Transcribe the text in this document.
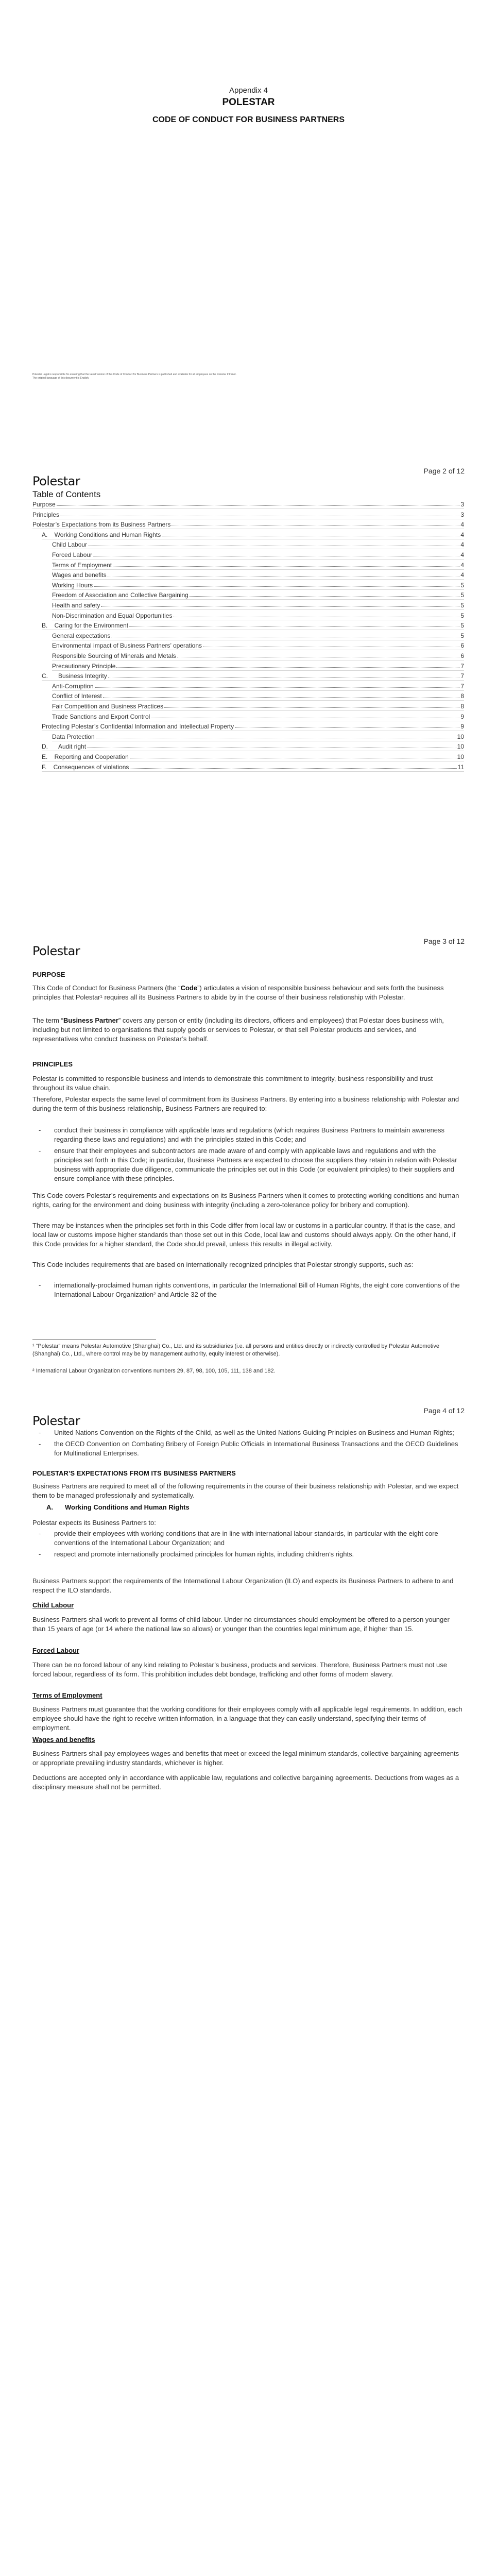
Appendix 4
POLESTAR
CODE OF CONDUCT FOR BUSINESS PARTNERS
Polestar Legal is responsible for ensuring that the latest version of this Code of Conduct for Business Partners is published and available for all employees on the Polestar Intranet.
The original language of this document is English.
Page 2 of 12
Polestar
Table of Contents
Purpose	3
Principles	3
Polestar’s Expectations from its Business Partners	4
A.    Working Conditions and Human Rights	4
Child Labour	4
Forced Labour	4
Terms of Employment	4
Wages and benefits	4
Working Hours	5
Freedom of Association and Collective Bargaining	5
Health and safety	5
Non-Discrimination and Equal Opportunities	5
B.    Caring for the Environment	5
General expectations	5
Environmental impact of Business Partners’ operations	6
Responsible Sourcing of Minerals and Metals	6
Precautionary Principle	7
C.      Business Integrity	7
Anti-Corruption	7
Conflict of Interest	8
Fair Competition and Business Practices	8
Trade Sanctions and Export Control	9
Protecting Polestar’s Confidential Information and Intellectual Property	9
Data Protection	10
D.      Audit right	10
E.    Reporting and Cooperation	10
F.    Consequences of violations	11
Page 3 of 12
Polestar
PURPOSE

This Code of Conduct for Business Partners (the “Code”) articulates a vision of responsible business behaviour and sets forth the business principles that Polestar¹ requires all its Business Partners to abide by in the course of their business relationship with Polestar.

The term “Business Partner” covers any person or entity (including its directors, officers and employees) that Polestar does business with, including but not limited to organisations that supply goods or services to Polestar, or that sell Polestar products and services, and representatives who conduct business on Polestar’s behalf.

PRINCIPLES

Polestar is committed to responsible business and intends to demonstrate this commitment to integrity, business responsibility and trust throughout its value chain.

Therefore, Polestar expects the same level of commitment from its Business Partners. By entering into a business relationship with Polestar and during the term of this business relationship, Business Partners are required to:

- conduct their business in compliance with applicable laws and regulations (which requires Business Partners to maintain awareness regarding these laws and regulations) and with the principles stated in this Code; and
- ensure that their employees and subcontractors are made aware of and comply with applicable laws and regulations and with the principles set forth in this Code; in particular, Business Partners are expected to choose the suppliers they retain in relation with Polestar business with appropriate due diligence, communicate the principles set out in this Code (or equivalent principles) to their suppliers and ensure compliance with these principles.

This Code covers Polestar’s requirements and expectations on its Business Partners when it comes to protecting working conditions and human rights, caring for the environment and doing business with integrity (including a zero-tolerance policy for bribery and corruption).

There may be instances when the principles set forth in this Code differ from local law or customs in a particular country. If that is the case, and local law or customs impose higher standards than those set out in this Code, local law and customs should always apply. On the other hand, if this Code provides for a higher standard, the Code should prevail, unless this results in illegal activity.

This Code includes requirements that are based on internationally recognized principles that Polestar strongly supports, such as:

- internationally-proclaimed human rights conventions, in particular the International Bill of Human Rights, the eight core conventions of the International Labour Organization² and Article 32 of the

¹ “Polestar” means Polestar Automotive (Shanghai) Co., Ltd. and its subsidiaries (i.e. all persons and entities directly or indirectly controlled by Polestar Automotive (Shanghai) Co., Ltd., where control may be by management authority, equity interest or otherwise).

² International Labour Organization conventions numbers 29, 87, 98, 100, 105, 111, 138 and 182.

Page 4 of 12
Polestar
- United Nations Convention on the Rights of the Child, as well as the United Nations Guiding Principles on Business and Human Rights;
- the OECD Convention on Combating Bribery of Foreign Public Officials in International Business Transactions and the OECD Guidelines for Multinational Enterprises.
POLESTAR’S EXPECTATIONS FROM ITS BUSINESS PARTNERS

Business Partners are required to meet all of the following requirements in the course of their business relationship with Polestar, and we expect them to be managed professionally and systematically.

A. Working Conditions and Human Rights

Polestar expects its Business Partners to:

- provide their employees with working conditions that are in line with international labour standards, in particular with the eight core conventions of the International Labour Organization; and
- respect and promote internationally proclaimed principles for human rights, including children’s rights.

Business Partners support the requirements of the International Labour Organization (ILO) and expects its Business Partners to adhere to and respect the ILO standards.

Child Labour

Business Partners shall work to prevent all forms of child labour. Under no circumstances should employment be offered to a person younger than 15 years of age (or 14 where the national law so allows) or younger than the countries legal minimum age, if higher than 15.

Forced Labour

There can be no forced labour of any kind relating to Polestar’s business, products and services. Therefore, Business Partners must not use forced labour, regardless of its form. This prohibition includes debt bondage, trafficking and other forms of modern slavery.

Terms of Employment

Business Partners must guarantee that the working conditions for their employees comply with all applicable legal requirements. In addition, each employee should have the right to receive written information, in a language that they can easily understand, specifying their terms of employment.

Wages and benefits

Business Partners shall pay employees wages and benefits that meet or exceed the legal minimum standards, collective bargaining agreements or appropriate prevailing industry standards, whichever is higher.

Deductions are accepted only in accordance with applicable law, regulations and collective bargaining agreements. Deductions from wages as a disciplinary measure shall not be permitted.
